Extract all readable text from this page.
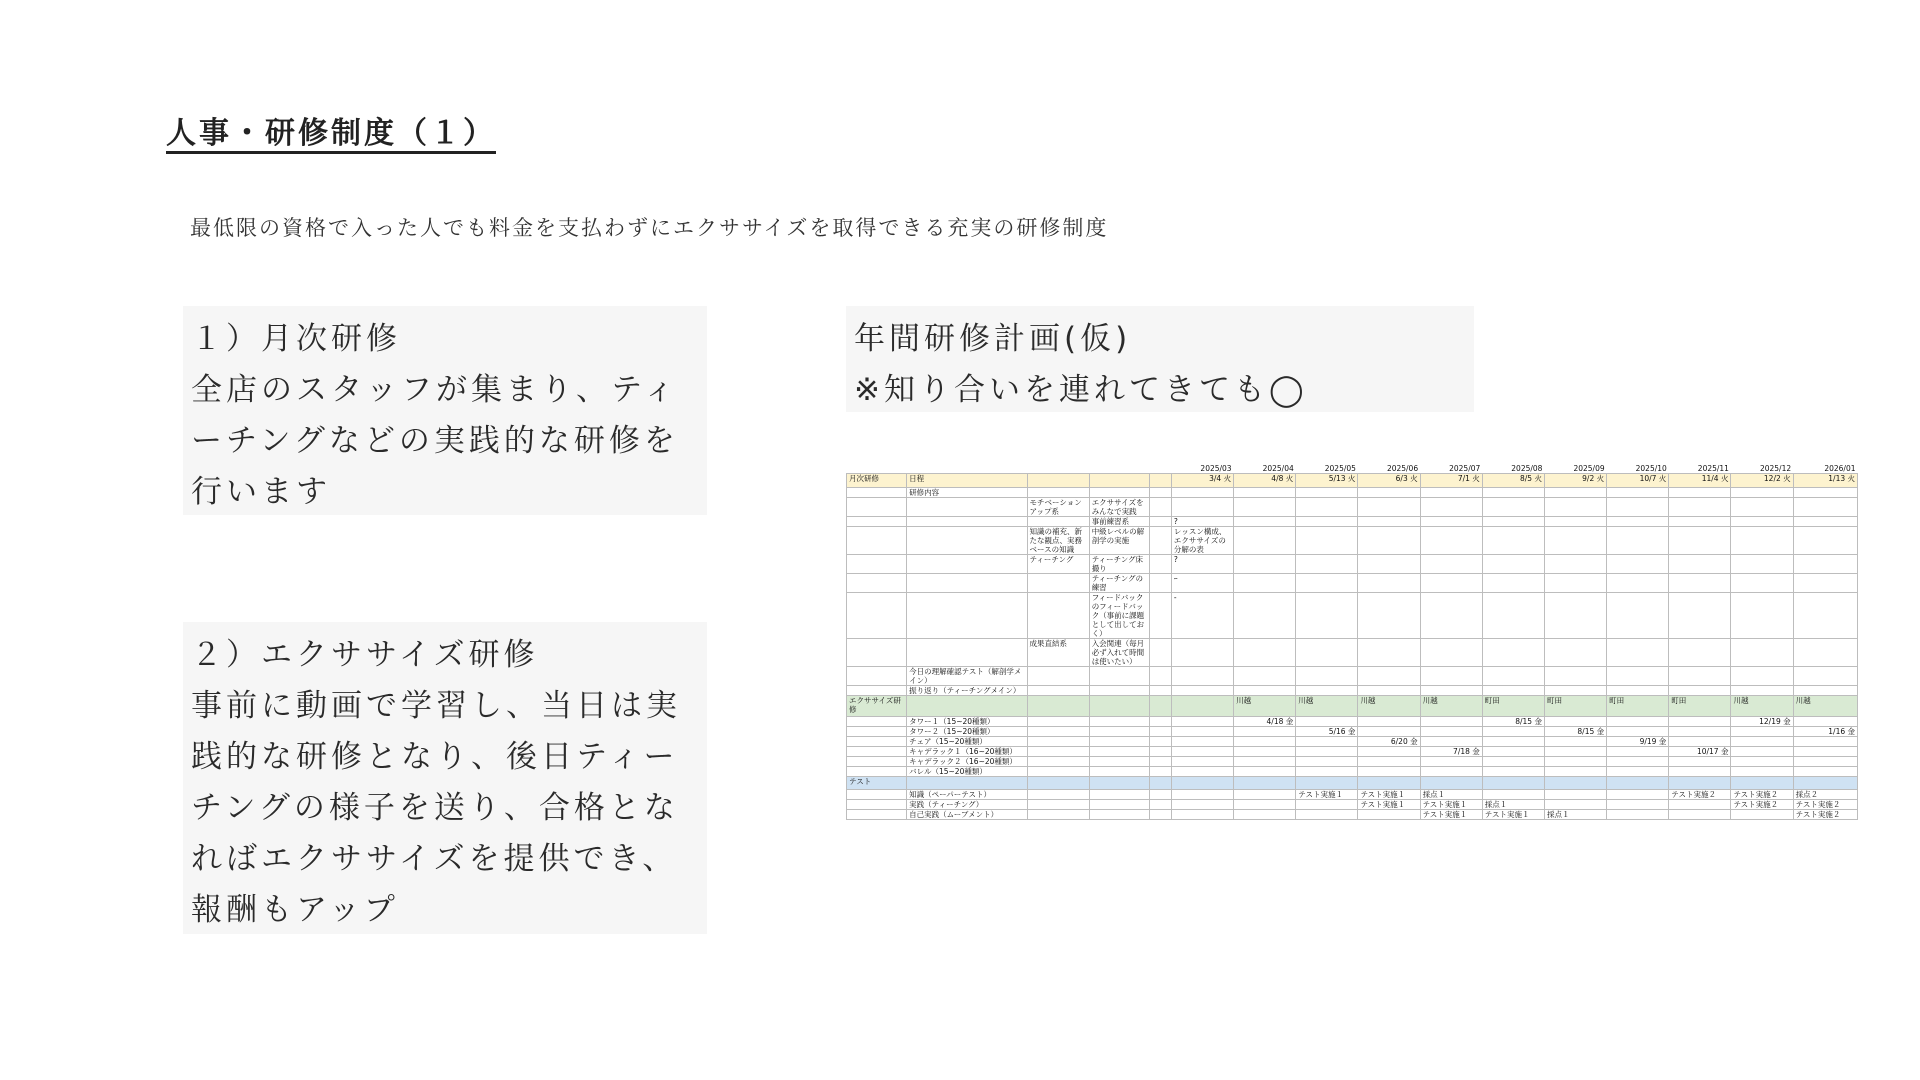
人事・研修制度（１）
最低限の資格で入った人でも料金を支払わずにエクササイズを取得できる充実の研修制度

１）月次研修

全店のスタッフが集まり、ティーチングなどの実践的な研修を行います

２）エクササイズ研修

事前に動画で学習し、当日は実践的な研修となり、後日ティーチングの様子を送り、合格となればエクササイズを提供でき、報酬もアップ

年間研修計画(仮)

※知り合いを連れてきても◯

					2025/03	2025/04	2025/05	2025/06	2025/07	2025/08	2025/09	2025/10	2025/11	2025/12	2026/01
月次研修	日程				3/4 火	4/8 火	5/13 火	6/3 火	7/1 火	8/5 火	9/2 火	10/7 火	11/4 火	12/2 火	1/13 火
	研修内容														
		モチベーションアップ系	エクササイズをみんなで実践												
			事前練習系		?										
		知識の補充、新たな観点、実務ベースの知識	中級レベルの解剖学の実施		レッスン構成、エクササイズの分解の表										
		ティーチング	ティーチング床撮り		?										
			ティーチングの練習		ｰ										
			フィードバックのフィードバック（事前に課題として出しておく）		-										
		成果直結系	入会関連（毎月必ず入れて時間は使いたい）												
	今日の理解確認テスト（解剖学メイン）														
	振り返り（ティーチングメイン）														
エクササイズ研修						川越	川越	川越	川越	町田	町田	町田	町田	川越	川越
	タワー１（15~20種類）					4/18 金				8/15 金				12/19 金	
	タワー２（15~20種類）						5/16 金				8/15 金				1/16 金
	チェア（15~20種類）							6/20 金				9/19 金			
	キャデラック１（16~20種類）								7/18 金				10/17 金		
	キャデラック２（16~20種類）														
	バレル（15~20種類）														
テスト															
	知識（ペーパーテスト）						テスト実施１	テスト実施１	採点１				テスト実施２	テスト実施２	採点２
	実践（ティーチング）							テスト実施１	テスト実施１	採点１				テスト実施２	テスト実施２
	自己実践（ムーブメント）								テスト実施１	テスト実施１	採点１				テスト実施２
